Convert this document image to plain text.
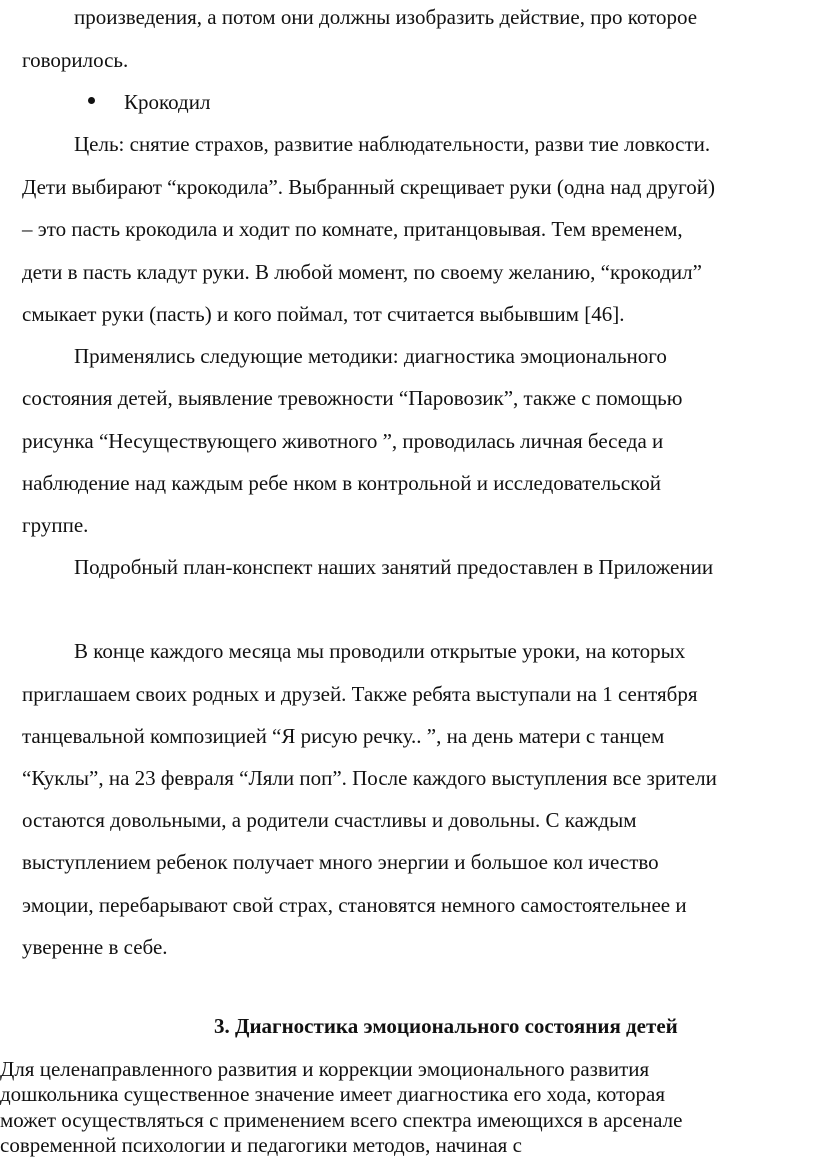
произведения, а потом они должны изобразить действие, про которое
говорилось.
Крокодил
Цель: снятие страхов, развитие наблюдательности, разви тие ловкости.
Дети выбирают “крокодила”. Выбранный скрещивает руки (одна над другой)
– это пасть крокодила и ходит по комнате, пританцовывая. Тем временем,
дети в пасть кладут руки. В любой момент, по своему желанию, “крокодил”
смыкает руки (пасть) и кого поймал, тот считается выбывшим [46].
Применялись следующие методики: диагностика эмоционального
состояния детей, выявление тревожности “Паровозик”, также с помощью
рисунка “Несуществующего животного ”, проводилась личная беседа и
наблюдение над каждым ребе нком в контрольной и исследовательской
группе.
Подробный план-конспект наших занятий предоставлен в Приложении
В конце каждого месяца мы проводили открытые уроки, на которых
приглашаем своих родных и друзей. Также ребята выступали на 1 сентября
танцевальной композицией “Я рисую речку.. ”, на день матери с танцем
“Куклы”, на 23 февраля “Ляли поп”. После каждого выступления все зрители
остаются довольными, а родители счастливы и довольны. С каждым
выступлением ребенок получает много энергии и большое кол ичество
эмоции, перебарывают свой страх, становятся немного самостоятельнее и
уверенне в себе.
3. Диагностика эмоционального состояния детей
Для целенаправленного развития и коррекции эмоционального развития
дошкольника существенное значение имеет диагностика его хода, которая
может осуществляться с применением всего спектра имеющихся в арсенале
современной психологии и педагогики методов, начиная с
